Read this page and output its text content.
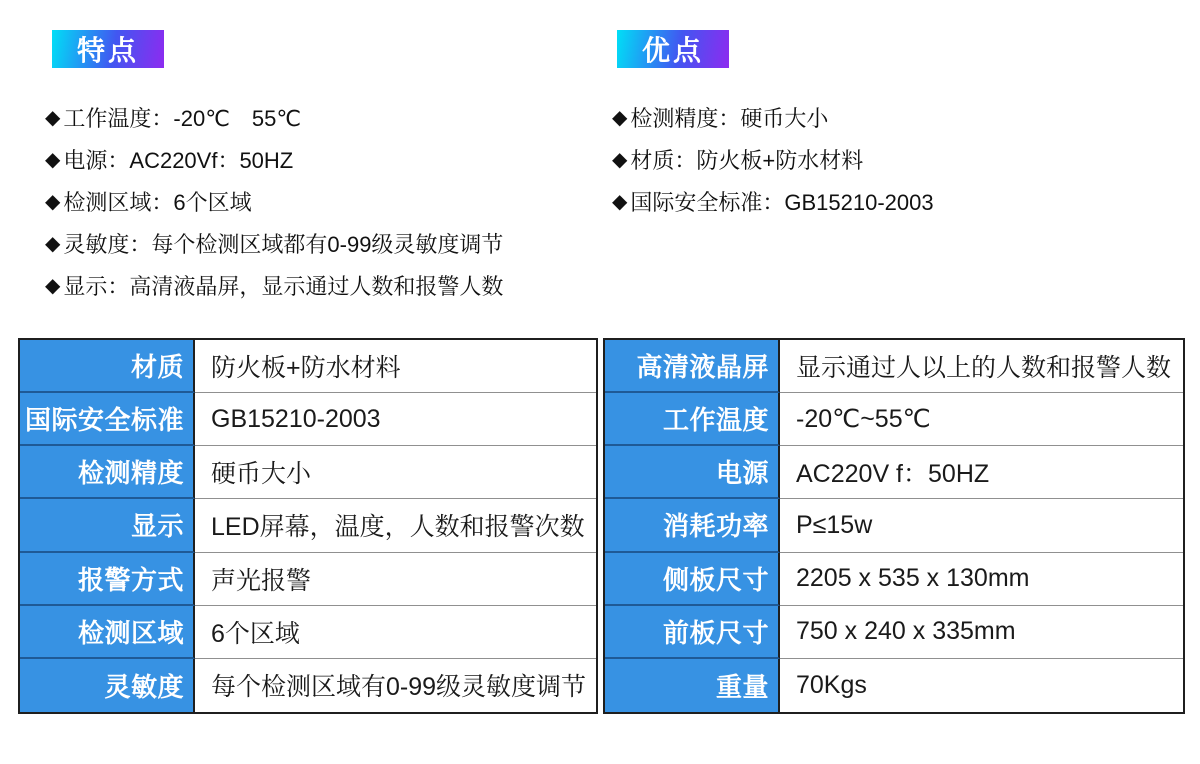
特点	优点
◆ 工作温度：-20℃　55℃
◆ 电源：AC220Vf：50HZ
◆ 检测区域：6个区域
◆ 灵敏度：每个检测区域都有0-99级灵敏度调节
◆ 显示：高清液晶屏，显示通过人数和报警人数
◆ 检测精度：硬币大小
◆ 材质：防火板+防水材料
◆ 国际安全标准：GB15210-2003
材质	防火板+防水材料
国际安全标准	GB15210-2003
检测精度	硬币大小
显示	LED屏幕，温度，人数和报警次数
报警方式	声光报警
检测区域	6个区域
灵敏度	每个检测区域有0-99级灵敏度调节
高清液晶屏	显示通过人以上的人数和报警人数
工作温度	-20℃~55℃
电源	AC220V f：50HZ
消耗功率	P≤15w
侧板尺寸	2205 x 535 x 130mm
前板尺寸	750 x 240 x 335mm
重量	70Kgs
